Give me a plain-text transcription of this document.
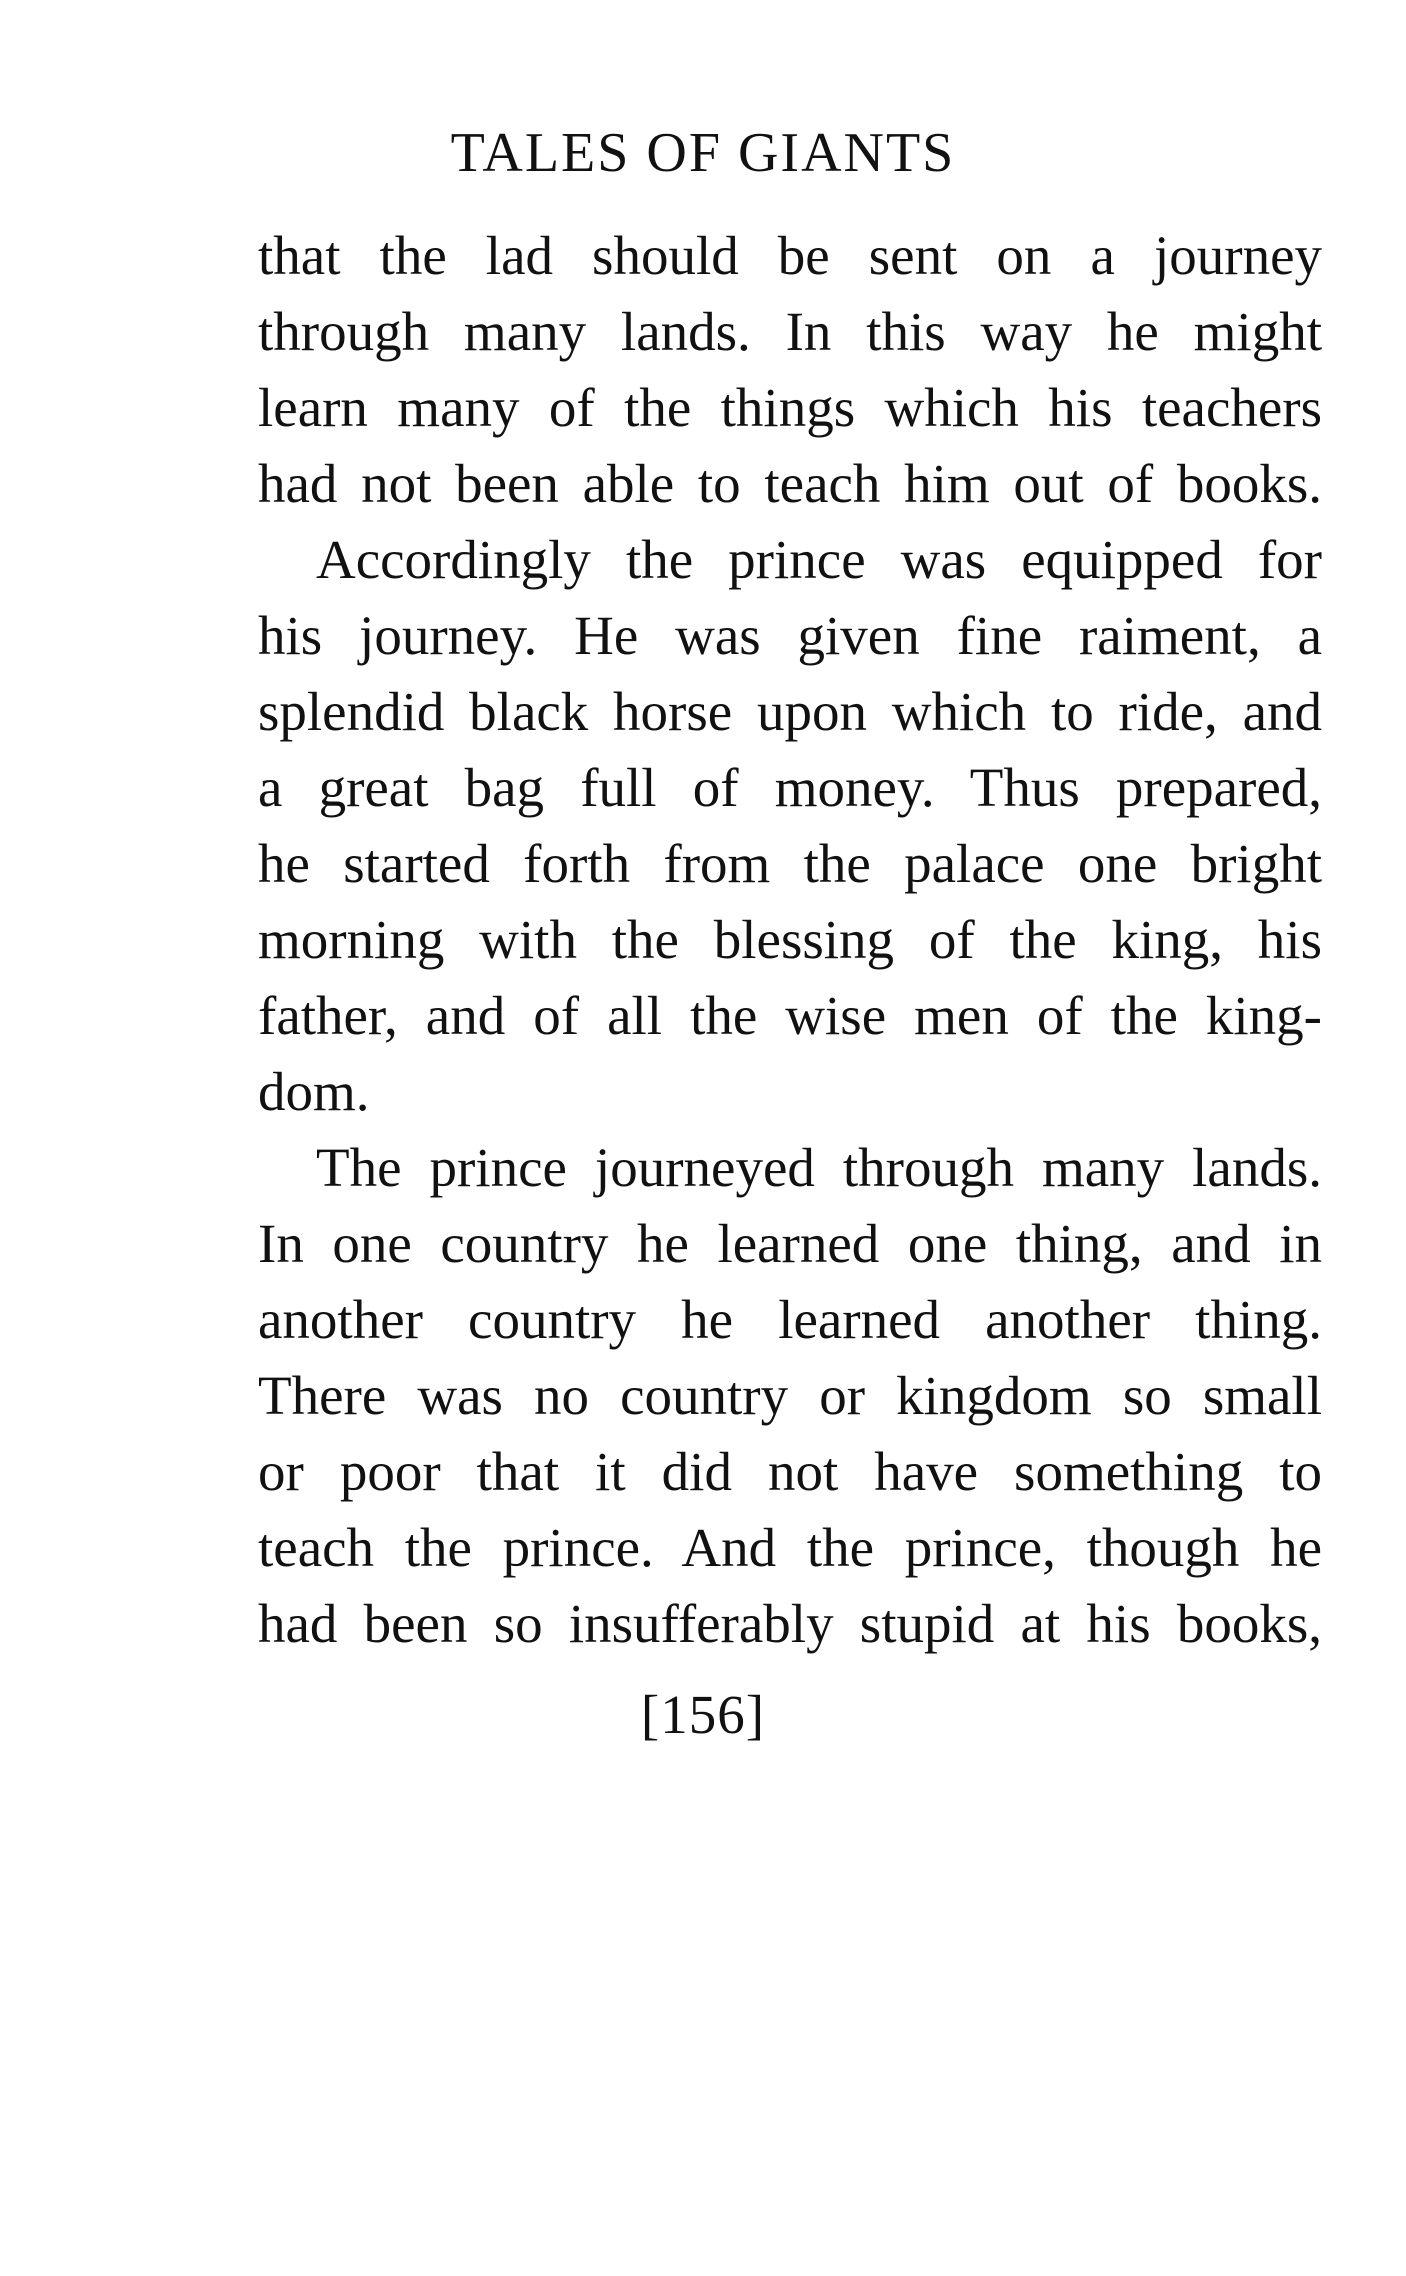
TALES OF GIANTS
that the lad should be sent on a journey
through many lands. In this way he might
learn many of the things which his teachers
had not been able to teach him out of books.
Accordingly the prince was equipped for
his journey. He was given fine raiment, a
splendid black horse upon which to ride, and
a great bag full of money. Thus prepared,
he started forth from the palace one bright
morning with the blessing of the king, his
father, and of all the wise men of the king-
dom.
The prince journeyed through many lands.
In one country he learned one thing, and in
another country he learned another thing.
There was no country or kingdom so small
or poor that it did not have something to
teach the prince. And the prince, though he
had been so insufferably stupid at his books,
[156]
